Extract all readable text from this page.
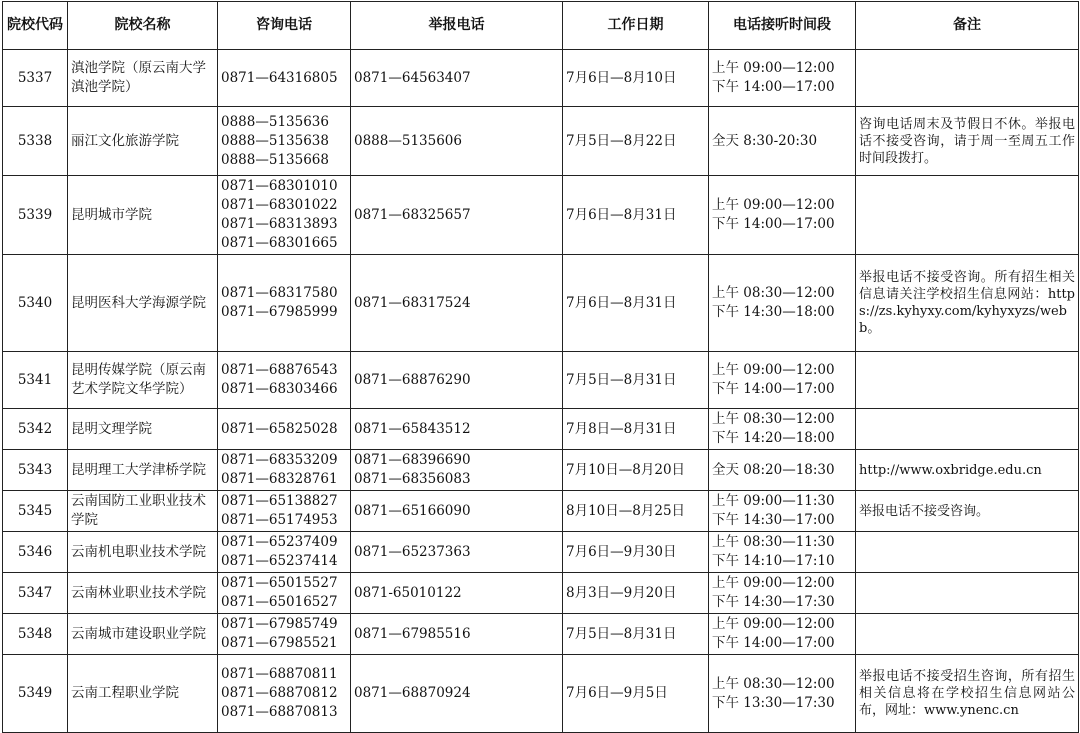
院校代码	院校名称	咨询电话	举报电话	工作日期	电话接听时间段	备注
5337	滇池学院（原云南大学滇池学院）	0871—64316805	0871—64563407	7月6日—8月10日	上午 09:00—12:00
下午 14:00—17:00	

5338	丽江文化旅游学院	0888—5135636
0888—5135638
0888—5135668	0888—5135606	7月5日—8月22日	全天 8:30-20:30	咨询电话周末及节假日不休。举报电话不接受咨询，请于周一至周五工作时间段拨打。
5339	昆明城市学院	0871—68301010
0871—68301022
0871—68313893
0871—68301665	0871—68325657	7月6日—8月31日	上午 09:00—12:00
下午 14:00—17:00	

5340	昆明医科大学海源学院	0871—68317580
0871—67985999	0871—68317524	7月6日—8月31日	上午 08:30—12:00
下午 14:30—18:00	举报电话不接受咨询。所有招生相关信息请关注学校招生信息网站：https://zs.kyhyxy.com/kyhyxyzs/webb。
5341	昆明传媒学院（原云南艺术学院文华学院）	0871—68876543
0871—68303466	0871—68876290	7月5日—8月31日	上午 09:00—12:00
下午 14:00—17:00	

5342	昆明文理学院	0871—65825028	0871—65843512	7月8日—8月31日	上午 08:30—12:00
下午 14:20—18:00	

5343	昆明理工大学津桥学院	0871—68353209
0871—68328761	0871—68396690
0871—68356083	7月10日—8月20日	全天 08:20—18:30	http://www.oxbridge.edu.cn
5345	云南国防工业职业技术学院	0871—65138827
0871—65174953	0871—65166090	8月10日—8月25日	上午 09:00—11:30
下午 14:30—17:00	举报电话不接受咨询。
5346	云南机电职业技术学院	0871—65237409
0871—65237414	0871—65237363	7月6日—9月30日	上午 08:30—11:30
下午 14:10—17:10	

5347	云南林业职业技术学院	0871—65015527
0871—65016527	0871-65010122	8月3日—9月20日	上午 09:00—12:00
下午 14:30—17:30	

5348	云南城市建设职业学院	0871—67985749
0871—67985521	0871—67985516	7月5日—8月31日	上午 09:00—12:00
下午 14:00—17:00	

5349	云南工程职业学院	0871—68870811
0871—68870812
0871—68870813	0871—68870924	7月6日—9月5日	上午 08:30—12:00
下午 13:30—17:30	举报电话不接受招生咨询，所有招生相关信息将在学校招生信息网站公布，网址：www.ynenc.cn
